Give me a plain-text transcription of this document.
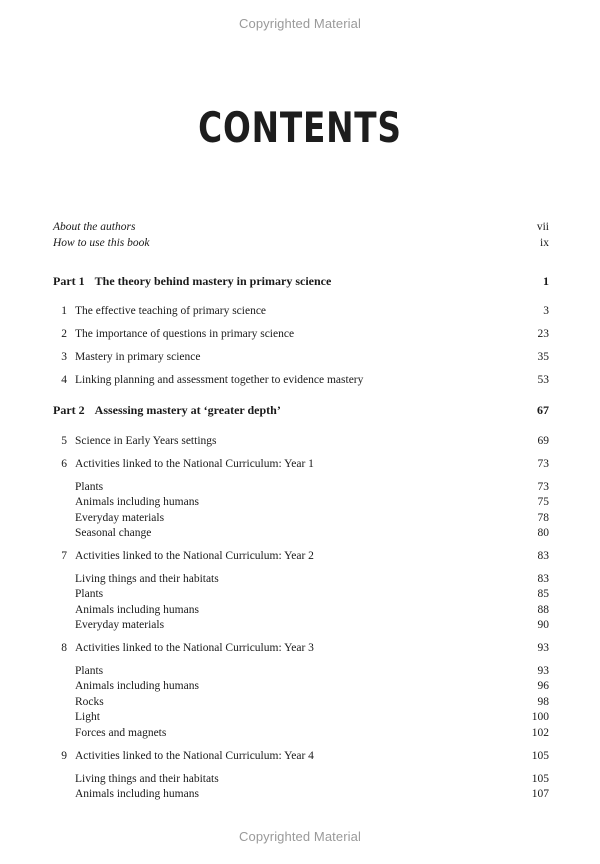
Copyrighted Material
CONTENTS
About the authors	vii
How to use this book	ix
Part 1 The theory behind mastery in primary science	1
1 The effective teaching of primary science	3
2 The importance of questions in primary science	23
3 Mastery in primary science	35
4 Linking planning and assessment together to evidence mastery	53
Part 2 Assessing mastery at ‘greater depth’	67
5 Science in Early Years settings	69
6 Activities linked to the National Curriculum: Year 1	73
Plants	73
Animals including humans	75
Everyday materials	78
Seasonal change	80
7 Activities linked to the National Curriculum: Year 2	83
Living things and their habitats	83
Plants	85
Animals including humans	88
Everyday materials	90
8 Activities linked to the National Curriculum: Year 3	93
Plants	93
Animals including humans	96
Rocks	98
Light	100
Forces and magnets	102
9 Activities linked to the National Curriculum: Year 4	105
Living things and their habitats	105
Animals including humans	107
Copyrighted Material
